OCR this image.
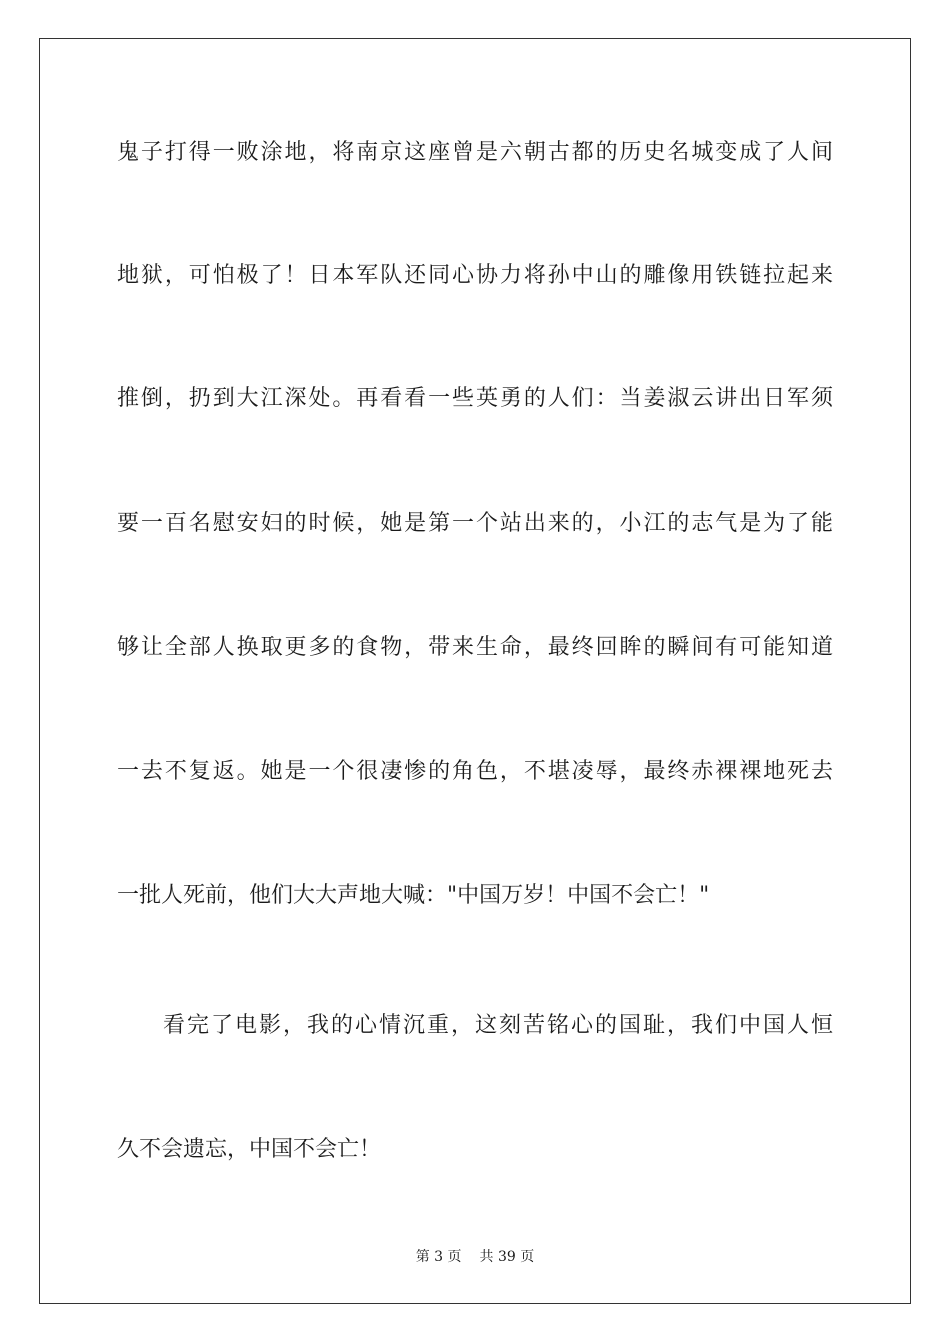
鬼子打得一败涂地，将南京这座曾是六朝古都的历史名城变成了人间
地狱，可怕极了！日本军队还同心协力将孙中山的雕像用铁链拉起来
推倒，扔到大江深处。再看看一些英勇的人们：当姜淑云讲出日军须
要一百名慰安妇的时候，她是第一个站出来的，小江的志气是为了能
够让全部人换取更多的食物，带来生命，最终回眸的瞬间有可能知道
一去不复返。她是一个很凄惨的角色，不堪凌辱，最终赤裸裸地死去
一批人死前，他们大大声地大喊："中国万岁！中国不会亡！"
看完了电影，我的心情沉重，这刻苦铭心的国耻，我们中国人恒
久不会遗忘，中国不会亡！
第 3 页 共 39 页
